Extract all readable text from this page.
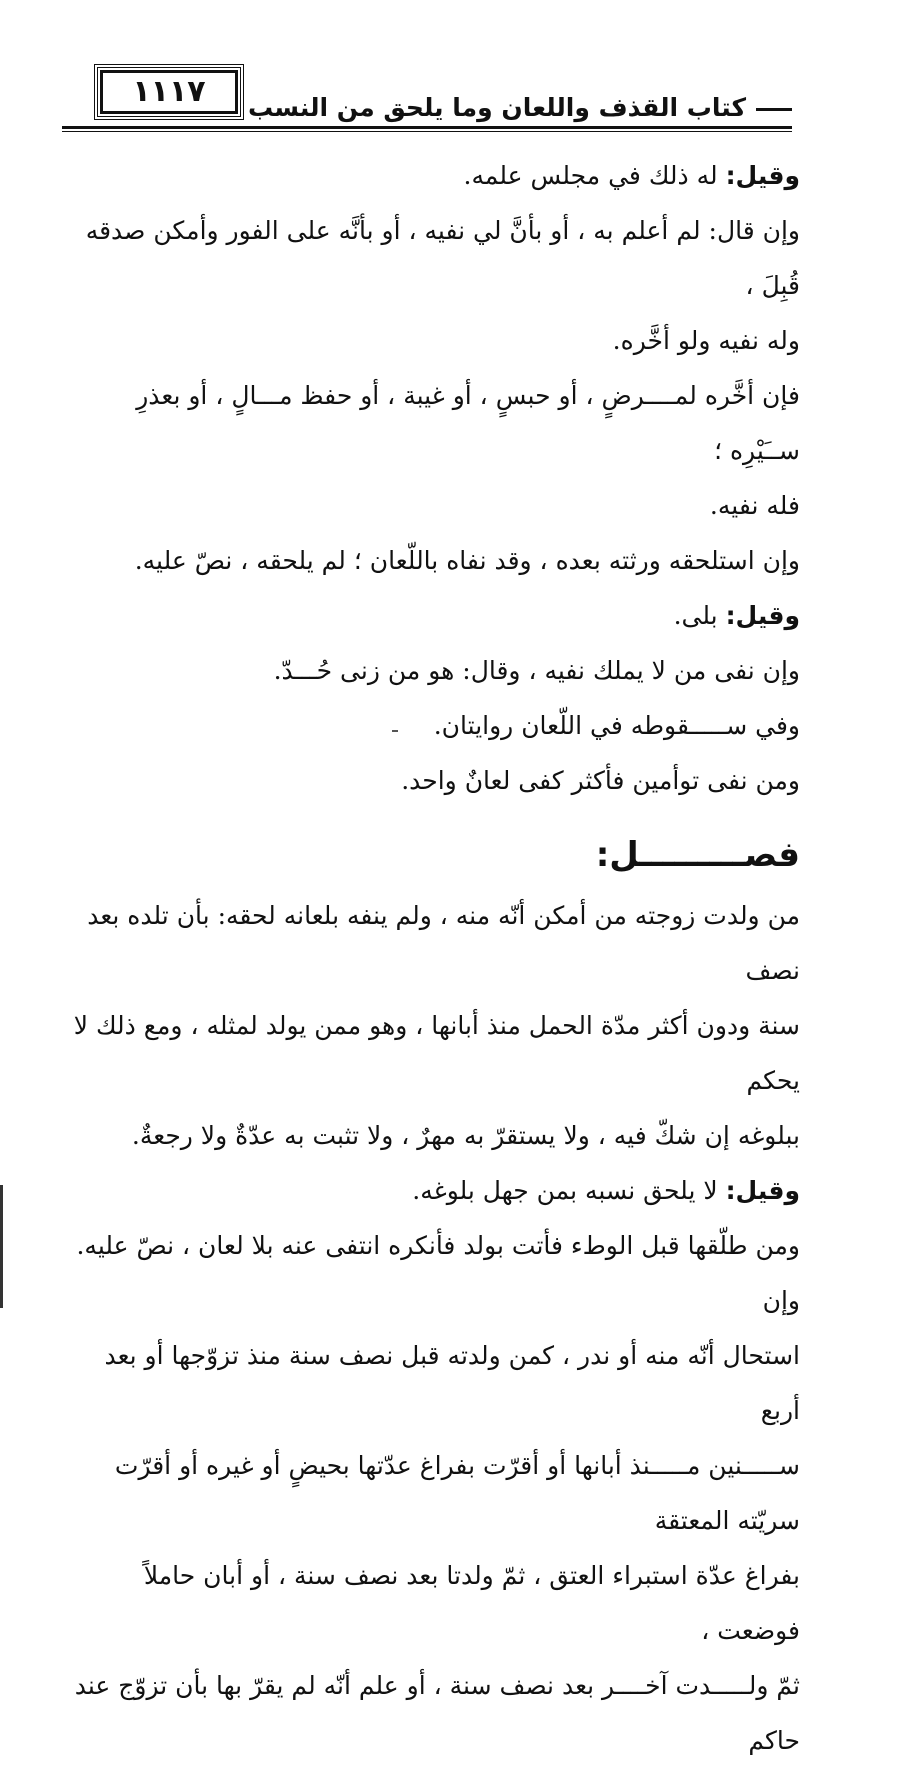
١١١٧	كتاب القذف واللعان وما يلحق من النسب

وقيل: له ذلك في مجلس علمه.

وإن قال: لم أعلم به ، أو بأنَّ لي نفيه ، أو بأنَّه على الفور وأمكن صدقه قُبِلَ ،

وله نفيه ولو أخَّره.

فإن أخَّره لمــــرضٍ ، أو حبسٍ ، أو غيبة ، أو حفظ مـــالٍ ، أو بعذرِ ســَيْرِه ؛

فله نفيه.

وإن استلحقه ورثته بعده ، وقد نفاه باللّعان ؛ لم يلحقه ، نصّ عليه.

وقيل: بلى.

وإن نفى من لا يملك نفيه ، وقال: هو من زنى حُـــدّ.

وفي ســـــقوطه في اللّعان روايتان.

ومن نفى توأمين فأكثر كفى لعانٌ واحد.

فصـــــــــل:

من ولدت زوجته من أمكن أنّه منه ، ولم ينفه بلعانه لحقه: بأن تلده بعد نصف

سنة ودون أكثر مدّة الحمل منذ أبانها ، وهو ممن يولد لمثله ، ومع ذلك لا يحكم

ببلوغه إن شكّ فيه ، ولا يستقرّ به مهرٌ ، ولا تثبت به عدّةٌ ولا رجعةٌ.

وقيل: لا يلحق نسبه بمن جهل بلوغه.

ومن طلّقها قبل الوطء فأتت بولد فأنكره انتفى عنه بلا لعان ، نصّ عليه. وإن

استحال أنّه منه أو ندر ، كمن ولدته قبل نصف سنة منذ تزوّجها أو بعد أربع

ســـــنين مـــــنذ أبانها أو أقرّت بفراغ عدّتها بحيضٍ أو غيره أو أقرّت سريّته المعتقة

بفراغ عدّة استبراء العتق ، ثمّ ولدتا بعد نصف سنة ، أو أبان حاملاً فوضعت ،

ثمّ ولـــــدت آخــــر بعد نصف سنة ، أو علم أنّه لم يقرّ بها بأن تزوّج عند حاكم
